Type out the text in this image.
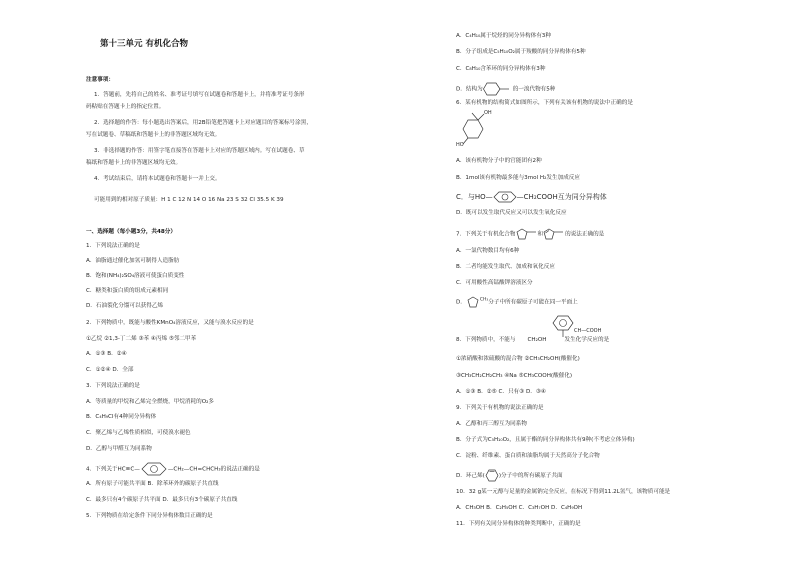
第十三单元 有机化合物
注意事项：
1．答题前，先将自己的姓名、准考证号填写在试题卷和答题卡上，并将准考证号条形
码粘贴在答题卡上的指定位置。
2．选择题的作答：每小题选出答案后，用2B铅笔把答题卡上对应题目的答案标号涂黑，
写在试题卷、草稿纸和答题卡上的非答题区域均无效。
3．非选择题的作答：用签字笔直接答在答题卡上对应的答题区域内。写在试题卷、草
稿纸和答题卡上的非答题区域均无效。
4．考试结束后，请将本试题卷和答题卡一并上交。
可能用到的相对原子质量：H 1 C 12 N 14 O 16 Na 23 S 32 Cl 35.5 K 39
一、选择题（每小题3分，共48分）
1．下列说法正确的是
A．油脂通过催化加氢可制得人造脂肪
B．饱和(NH₄)₂SO₄溶液可使蛋白质变性
C．糖类和蛋白质的组成元素相同
D．石油裂化分馏可以获得乙烯
2．下列物质中，既能与酸性KMnO₄溶液反应，又能与溴水反应的是
①乙烷 ②1,3-丁二烯 ③苯 ④丙烯 ⑤邻二甲苯
A．①③ B．②④
C．①②④ D．全部
3．下列说法正确的是
A．等质量的甲烷和乙烯完全燃烧，甲烷消耗的O₂多
B．C₄H₉Cl有4种同分异构体
C．聚乙烯与乙烯性质相似，可使溴水褪色
D．乙醇与甲醛互为同系物
4．下列关于HC≡C—	—CH₂—CH=CHCH₃的说法正确的是
A．所有原子可能共平面 B．除苯环外的碳原子共直线
C．最多只有4个碳原子共平面 D．最多只有3个碳原子共直线
5．下列物质在给定条件下同分异构体数目正确的是
A．C₄H₁₀属于烷烃的同分异构体有3种
B．分子组成是C₅H₁₀O₂属于羧酸的同分异构体有5种
C．C₈H₁₀含苯环的同分异构体有3种
D．结构为	的一溴代物有5种
6．某有机物的结构简式如图所示，下列有关该有机物的说法中正确的是
OH
HO
A．该有机物分子中的官能团有2种
B．1mol该有机物最多能与3mol H₂发生加成反应
C．与HO—	—CH₂COOH互为同分异构体
D．既可以发生取代反应又可以发生氧化反应
7．下列关于有机化合物	和	的说法正确的是
A．一氯代物数目均有6种
B．二者均能发生取代、加成和氧化反应
C．可用酸性高锰酸钾溶液区分
D．	$^{CH_3}$分子中所有碳原子可能在同一平面上
CH—COOH
8．下列物质中，不能与 CH₂OH	发生化学反应的是
①浓硝酸和浓硫酸的混合物 ②CH₃CH₂OH(酸催化)
③CH₃CH₂CH₂CH₃ ④Na ⑤CH₃COOH(酸催化)
A．①③ B．②⑤ C．只有③ D．③④
9．下列关于有机物的说法正确的是
A．乙醇和丙三醇互为同系物
B．分子式为C₅H₁₀O₂，且属于酯的同分异构体共有9种(不考虑立体异构)
C．淀粉、纤维素、蛋白质和油脂均属于天然高分子化合物
D．环己烯(	)分子中的所有碳原子共面
10．32 g某一元醇与足量的金属钠完全反应，在标况下得到11.2L氢气，该物质可能是
A．CH₃OH B．C₂H₅OH C．C₃H₇OH D．C₄H₉OH
11．下列有关同分异构体的种类判断中，正确的是
